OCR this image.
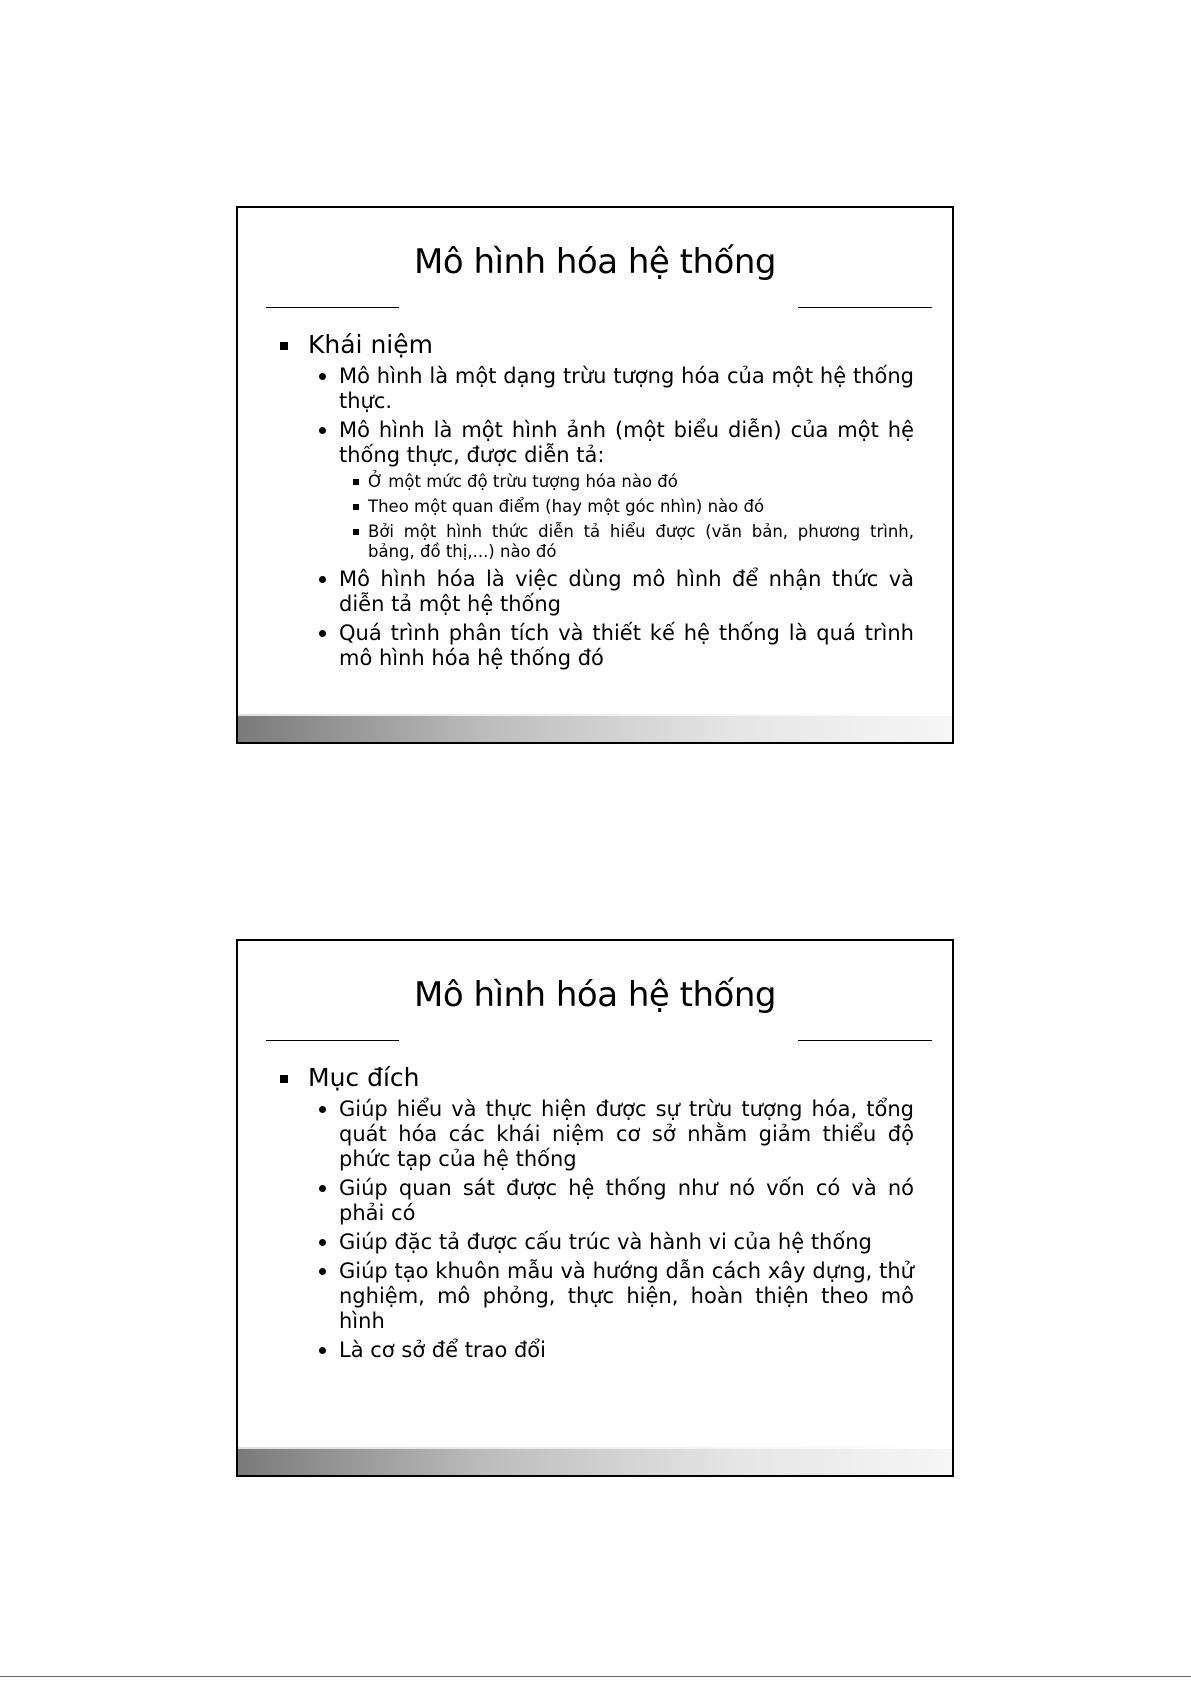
Mô hình hóa hệ thống
Khái niệm
Mô hình là một dạng trừu tượng hóa của một hệ thống thực.
Mô hình là một hình ảnh (một biểu diễn) của một hệ thống thực, được diễn tả:
Ở một mức độ trừu tượng hóa nào đó
Theo một quan điểm (hay một góc nhìn) nào đó
Bởi một hình thức diễn tả hiểu được (văn bản, phương trình, bảng, đồ thị,...) nào đó
Mô hình hóa là việc dùng mô hình để nhận thức và diễn tả một hệ thống
Quá trình phân tích và thiết kế hệ thống là quá trình mô hình hóa hệ thống đó
Mô hình hóa hệ thống
Mục đích
Giúp hiểu và thực hiện được sự trừu tượng hóa, tổng quát hóa các khái niệm cơ sở nhằm giảm thiểu độ phức tạp của hệ thống
Giúp quan sát được hệ thống như nó vốn có và nó phải có
Giúp đặc tả được cấu trúc và hành vi của hệ thống
Giúp tạo khuôn mẫu và hướng dẫn cách xây dựng, thử nghiệm, mô phỏng, thực hiện, hoàn thiện theo mô hình
Là cơ sở để trao đổi
